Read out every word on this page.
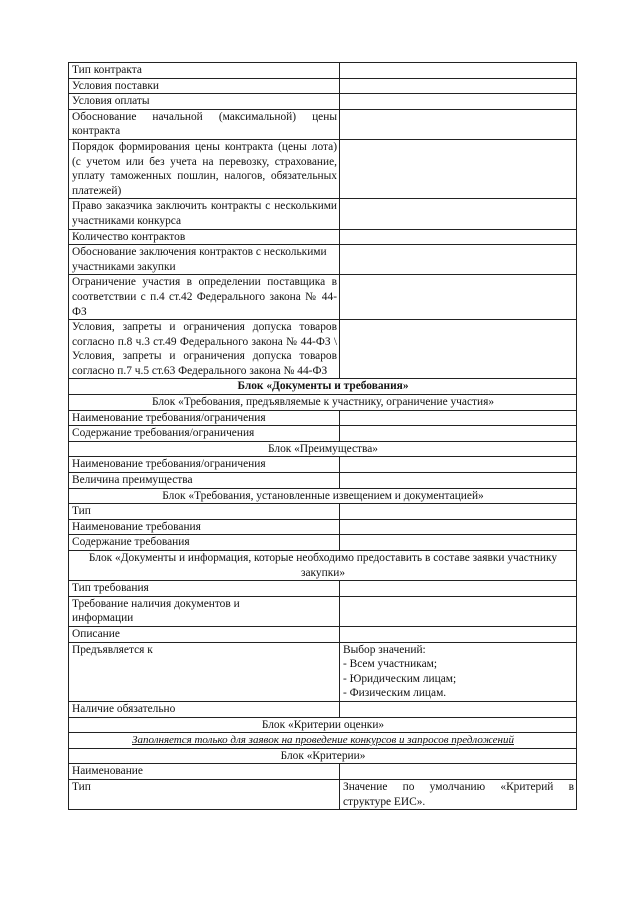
Тип контракта	
Условия поставки	
Условия оплаты	
Обоснование начальной (максимальной) цены контракта	
Порядок формирования цены контракта (цены лота) (с учетом или без учета на перевозку, страхование, уплату таможенных пошлин, налогов, обязательных платежей)	
Право заказчика заключить контракты с несколькими участниками конкурса	
Количество контрактов	
Обоснование заключения контрактов с несколькими участниками закупки	
Ограничение участия в определении поставщика в соответствии с п.4 ст.42 Федерального закона № 44-ФЗ	
Условия, запреты и ограничения допуска товаров согласно п.8 ч.3 ст.49 Федерального закона № 44-ФЗ \ Условия, запреты и ограничения допуска товаров согласно п.7 ч.5 ст.63 Федерального закона № 44-ФЗ	
Блок «Документы и требования»	
Блок «Требования, предъявляемые к участнику, ограничение участия»	
Наименование требования/ограничения	
Содержание требования/ограничения	
Блок «Преимущества»	
Наименование требования/ограничения	
Величина преимущества	
Блок «Требования, установленные извещением и документацией»	
Тип	
Наименование требования	
Содержание требования	
Блок «Документы и информация, которые необходимо предоставить в составе заявки участнику закупки»	
Тип требования	
Требование наличия документов и информации	
Описание	
Предъявляется к	Выбор значений:
- Всем участникам;
- Юридическим лицам;
- Физическим лицам.

Наличие обязательно	
Блок «Критерии оценки»	
Заполняется только для заявок на проведение конкурсов и запросов предложений	
Блок «Критерии»	
Наименование	
Тип	Значение по умолчанию «Критерий в структуре ЕИС».
